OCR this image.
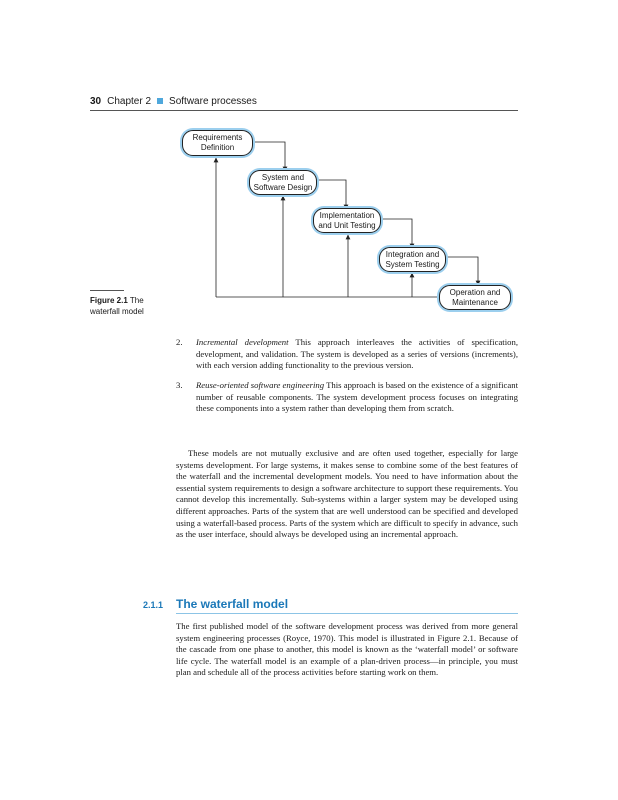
30 Chapter 2 Software processes
Requirements
Definition
System and
Software Design
Implementation
and Unit Testing
Integration and
System Testing
Operation and
Maintenance
Figure 2.1 The waterfall model
2. Incremental development This approach interleaves the activities of specification, development, and validation. The system is developed as a series of versions (increments), with each version adding functionality to the previous version.
3. Reuse-oriented software engineering This approach is based on the existence of a significant number of reusable components. The system development process focuses on integrating these components into a system rather than developing them from scratch.
These models are not mutually exclusive and are often used together, especially for large systems development. For large systems, it makes sense to combine some of the best features of the waterfall and the incremental development models. You need to have information about the essential system requirements to design a software architecture to support these requirements. You cannot develop this incrementally. Sub-systems within a larger system may be developed using different approaches. Parts of the system that are well understood can be specified and developed using a waterfall-based process. Parts of the system which are difficult to specify in advance, such as the user interface, should always be developed using an incremental approach.
2.1.1 The waterfall model
The first published model of the software development process was derived from more general system engineering processes (Royce, 1970). This model is illustrated in Figure 2.1. Because of the cascade from one phase to another, this model is known as the ‘waterfall model’ or software life cycle. The waterfall model is an example of a plan-driven process—in principle, you must plan and schedule all of the process activities before starting work on them.
